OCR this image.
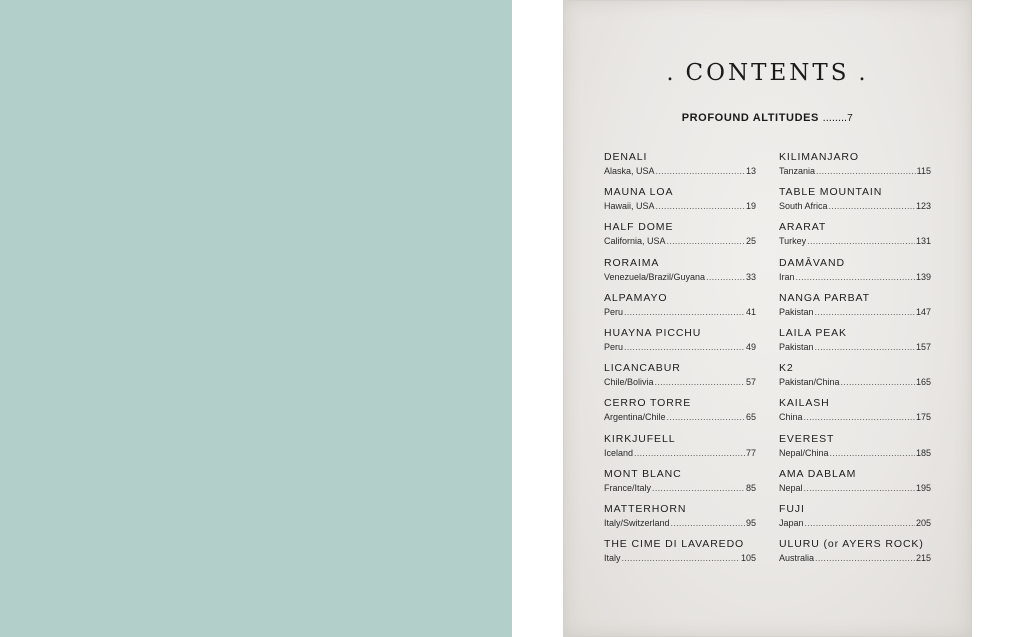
. CONTENTS .
PROFOUND ALTITUDES ........7
DENALI
Alaska, USA .....	13
MAUNA LOA
Hawaii, USA .....	19
HALF DOME
California, USA .....	25
RORAIMA
Venezuela/Brazil/Guyana .....	33
ALPAMAYO
Peru .....	41
HUAYNA PICCHU
Peru .....	49
LICANCABUR
Chile/Bolivia .....	57
CERRO TORRE
Argentina/Chile .....	65
KIRKJUFELL
Iceland .....	77
MONT BLANC
France/Italy .....	85
MATTERHORN
Italy/Switzerland .....	95
THE CIME DI LAVAREDO
Italy .....	105
KILIMANJARO
Tanzania .....	115
TABLE MOUNTAIN
South Africa .....	123
ARARAT
Turkey .....	131
DAMĀVAND
Iran .....	139
NANGA PARBAT
Pakistan .....	147
LAILA PEAK
Pakistan .....	157
K2
Pakistan/China .....	165
KAILASH
China .....	175
EVEREST
Nepal/China .....	185
AMA DABLAM
Nepal .....	195
FUJI
Japan .....	205
ULURU (or AYERS ROCK)
Australia .....	215
